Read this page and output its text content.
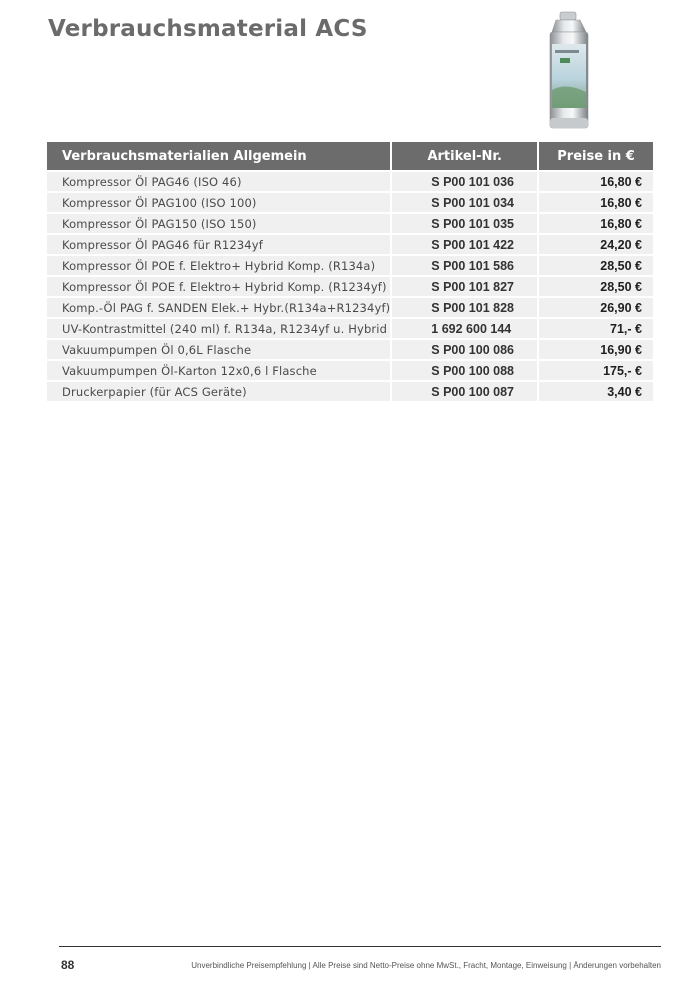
Verbrauchsmaterial ACS
Verbrauchsmaterialien Allgemein	Artikel-Nr.	Preise in €
Kompressor Öl PAG46 (ISO 46)	S P00 101 036	16,80 €
Kompressor Öl PAG100 (ISO 100)	S P00 101 034	16,80 €
Kompressor Öl PAG150 (ISO 150)	S P00 101 035	16,80 €
Kompressor Öl PAG46 für R1234yf	S P00 101 422	24,20 €
Kompressor Öl POE f. Elektro+ Hybrid Komp. (R134a)	S P00 101 586	28,50 €
Kompressor Öl POE f. Elektro+ Hybrid Komp. (R1234yf)	S P00 101 827	28,50 €
Komp.-Öl PAG f. SANDEN Elek.+ Hybr.(R134a+R1234yf)	S P00 101 828	26,90 €
UV-Kontrastmittel (240 ml) f. R134a, R1234yf u. Hybrid	1 692 600 144	71,- €
Vakuumpumpen Öl 0,6L Flasche	S P00 100 086	16,90 €
Vakuumpumpen Öl-Karton 12x0,6 l Flasche	S P00 100 088	175,- €
Druckerpapier (für ACS Geräte)	S P00 100 087	3,40 €
88	Unverbindliche Preisempfehlung | Alle Preise sind Netto-Preise ohne MwSt., Fracht, Montage, Einweisung | Änderungen vorbehalten
